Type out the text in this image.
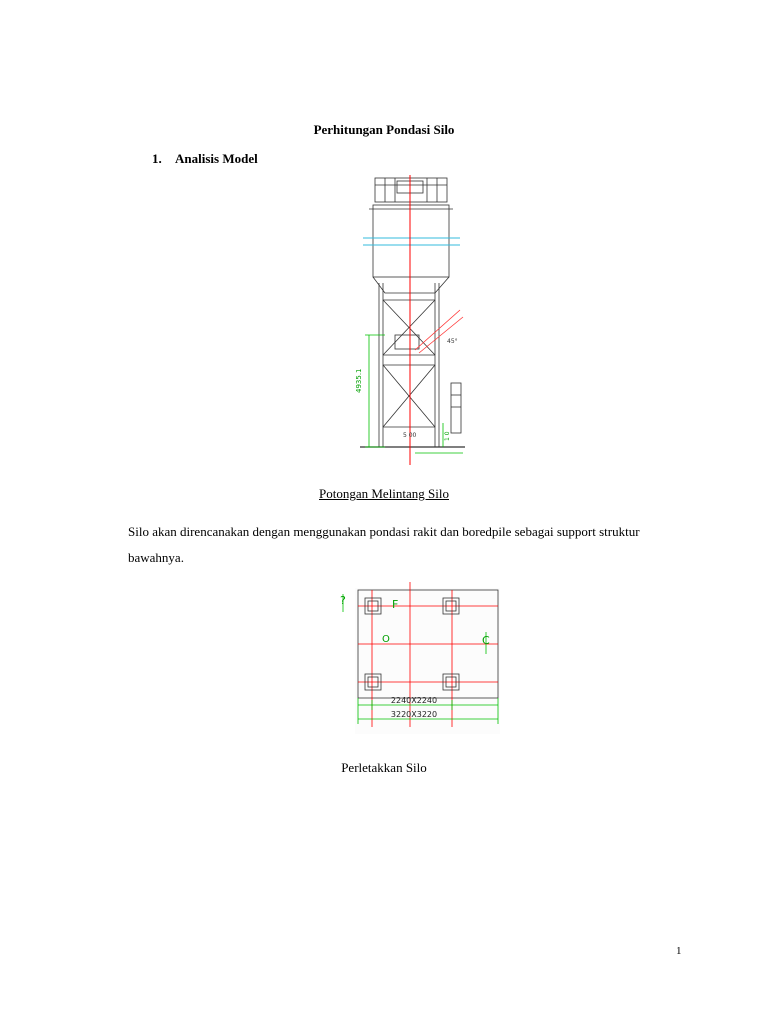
Perhitungan Pondasi Silo
1. Analisis Model
4935.1
45°
5 00	1 0
Potongan Melintang Silo
Silo akan direncanakan dengan menggunakan pondasi rakit dan boredpile sebagai support struktur bawahnya.
?	F
C
O
2240X2240
3220X3220
Perletakkan Silo
1
